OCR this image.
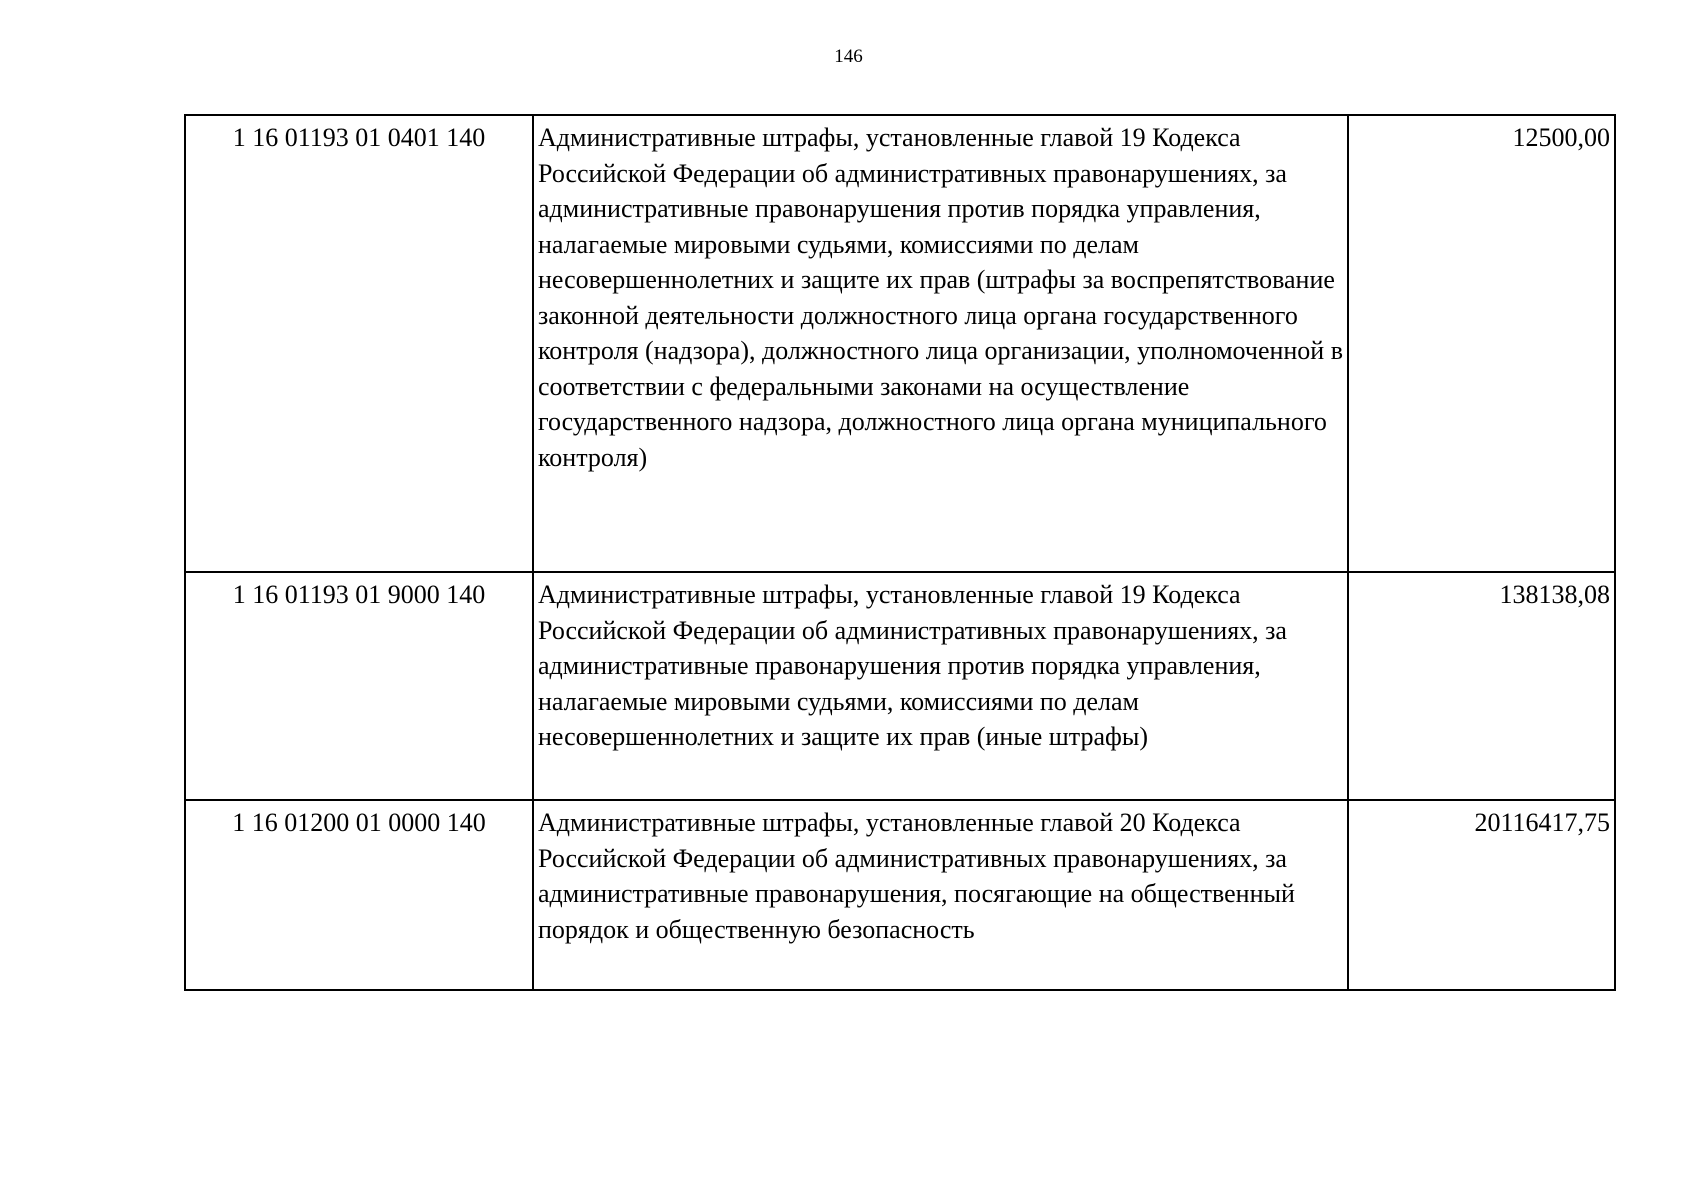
146
1 16 01193 01 0401 140	Административные штрафы, установленные главой 19 Кодекса Российской Федерации об административных правонарушениях, за административные правонарушения против порядка управления, налагаемые мировыми судьями, комиссиями по делам несовершеннолетних и защите их прав (штрафы за воспрепятствование законной деятельности должностного лица органа государственного контроля (надзора), должностного лица организации, уполномоченной в соответствии с федеральными законами на осуществление государственного надзора, должностного лица органа муниципального контроля)	12500,00
1 16 01193 01 9000 140	Административные штрафы, установленные главой 19 Кодекса Российской Федерации об административных правонарушениях, за административные правонарушения против порядка управления, налагаемые мировыми судьями, комиссиями по делам несовершеннолетних и защите их прав (иные штрафы)	138138,08
1 16 01200 01 0000 140	Административные штрафы, установленные главой 20 Кодекса Российской Федерации об административных правонарушениях, за административные правонарушения, посягающие на общественный порядок и общественную безопасность	20116417,75
